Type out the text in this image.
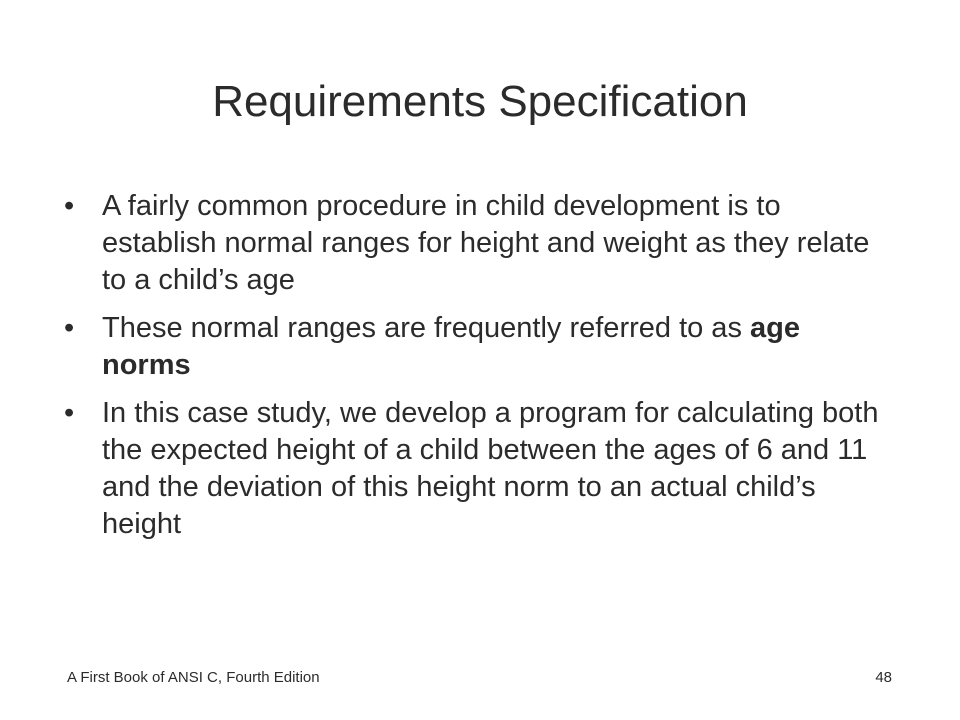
Requirements Specification
• A fairly common procedure in child development is to establish normal ranges for height and weight as they relate to a child’s age
• These normal ranges are frequently referred to as age norms
• In this case study, we develop a program for calculating both the expected height of a child between the ages of 6 and 11 and the deviation of this height norm to an actual child’s height
A First Book of ANSI C, Fourth Edition	48
